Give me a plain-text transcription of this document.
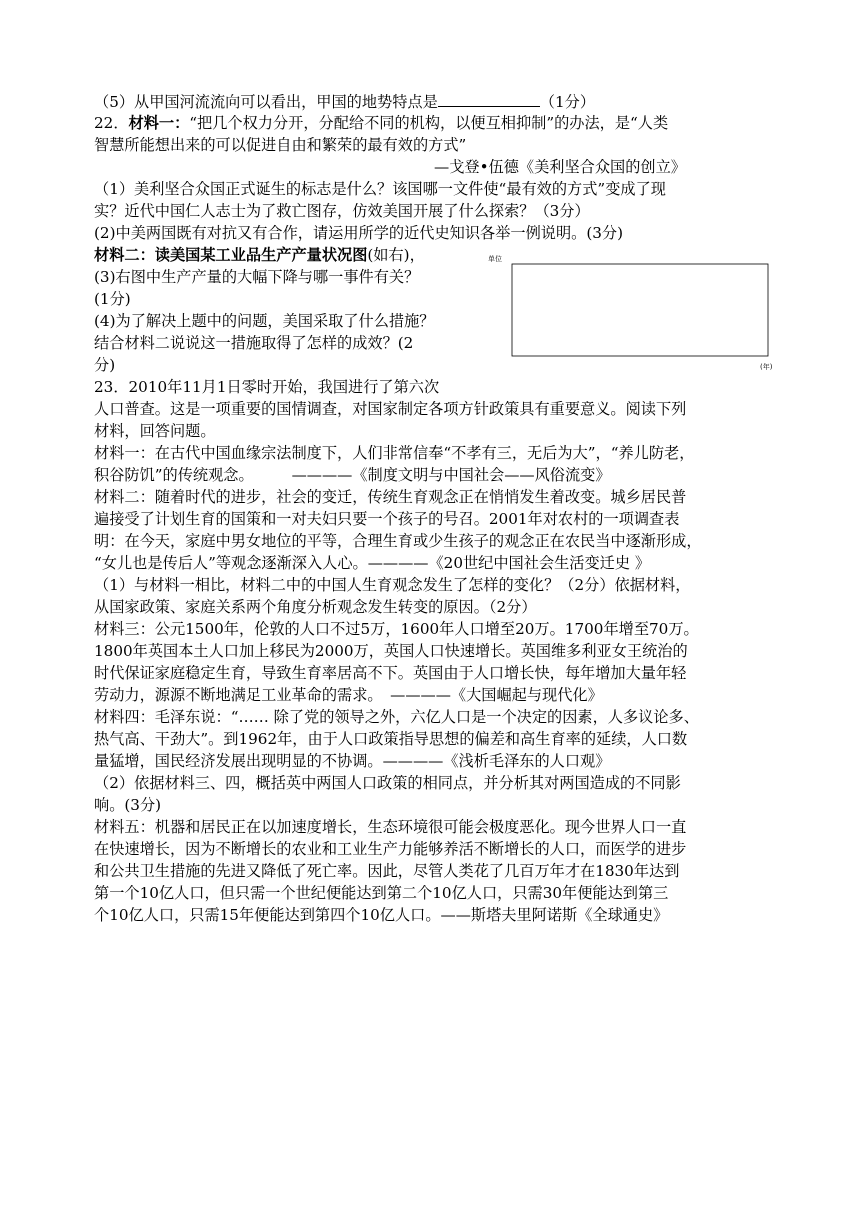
（5）从甲国河流流向可以看出，甲国的地势特点是	（1分）
22．材料一：“把几个权力分开，分配给不同的机构，以便互相抑制”的办法，是“人类
智慧所能想出来的可以促进自由和繁荣的最有效的方式”
—戈登•伍德《美利坚合众国的创立》
（1）美利坚合众国正式诞生的标志是什么？该国哪一文件使“最有效的方式”变成了现
实？近代中国仁人志士为了救亡图存，仿效美国开展了什么探索？（3分）
(2)中美两国既有对抗又有合作，请运用所学的近代史知识各举一例说明。(3分)
材料二：读美国某工业品生产产量状况图(如右)，
(3)右图中生产产量的大幅下降与哪一事件有关？
(1分)
(4)为了解决上题中的问题，美国采取了什么措施？
结合材料二说说这一措施取得了怎样的成效？(2
分)
单位
(年)
23．2010年11月1日零时开始，我国进行了第六次
人口普查。这是一项重要的国情调查，对国家制定各项方针政策具有重要意义。阅读下列
材料，回答问题。
材料一：在古代中国血缘宗法制度下，人们非常信奉“不孝有三，无后为大”，“养儿防老，
积谷防饥”的传统观念。　　　————《制度文明与中国社会——风俗流变》
材料二：随着时代的进步，社会的变迁，传统生育观念正在悄悄发生着改变。城乡居民普
遍接受了计划生育的国策和一对夫妇只要一个孩子的号召。2001年对农村的一项调查表
明：在今天，家庭中男女地位的平等，合理生育或少生孩子的观念正在农民当中逐渐形成，
“女儿也是传后人”等观念逐渐深入人心。————《20世纪中国社会生活变迁史 》
（1）与材料一相比，材料二中的中国人生育观念发生了怎样的变化？（2分）依据材料，
从国家政策、家庭关系两个角度分析观念发生转变的原因。（2分）
材料三：公元1500年，伦敦的人口不过5万，1600年人口增至20万。1700年增至70万。
1800年英国本土人口加上移民为2000万，英国人口快速增长。英国维多利亚女王统治的
时代保证家庭稳定生育，导致生育率居高不下。英国由于人口增长快，每年增加大量年轻
劳动力，源源不断地满足工业革命的需求。　————《大国崛起与现代化》
材料四：毛泽东说：“…… 除了党的领导之外，六亿人口是一个决定的因素，人多议论多、
热气高、干劲大”。到1962年，由于人口政策指导思想的偏差和高生育率的延续，人口数
量猛增，国民经济发展出现明显的不协调。————《浅析毛泽东的人口观》
（2）依据材料三、四，概括英中两国人口政策的相同点，并分析其对两国造成的不同影
响。(3分)
材料五：机器和居民正在以加速度增长，生态环境很可能会极度恶化。现今世界人口一直
在快速增长，因为不断增长的农业和工业生产力能够养活不断增长的人口，而医学的进步
和公共卫生措施的先进又降低了死亡率。因此，尽管人类花了几百万年才在1830年达到
第一个10亿人口，但只需一个世纪便能达到第二个10亿人口，只需30年便能达到第三
个10亿人口，只需15年便能达到第四个10亿人口。——斯塔夫里阿诺斯《全球通史》
